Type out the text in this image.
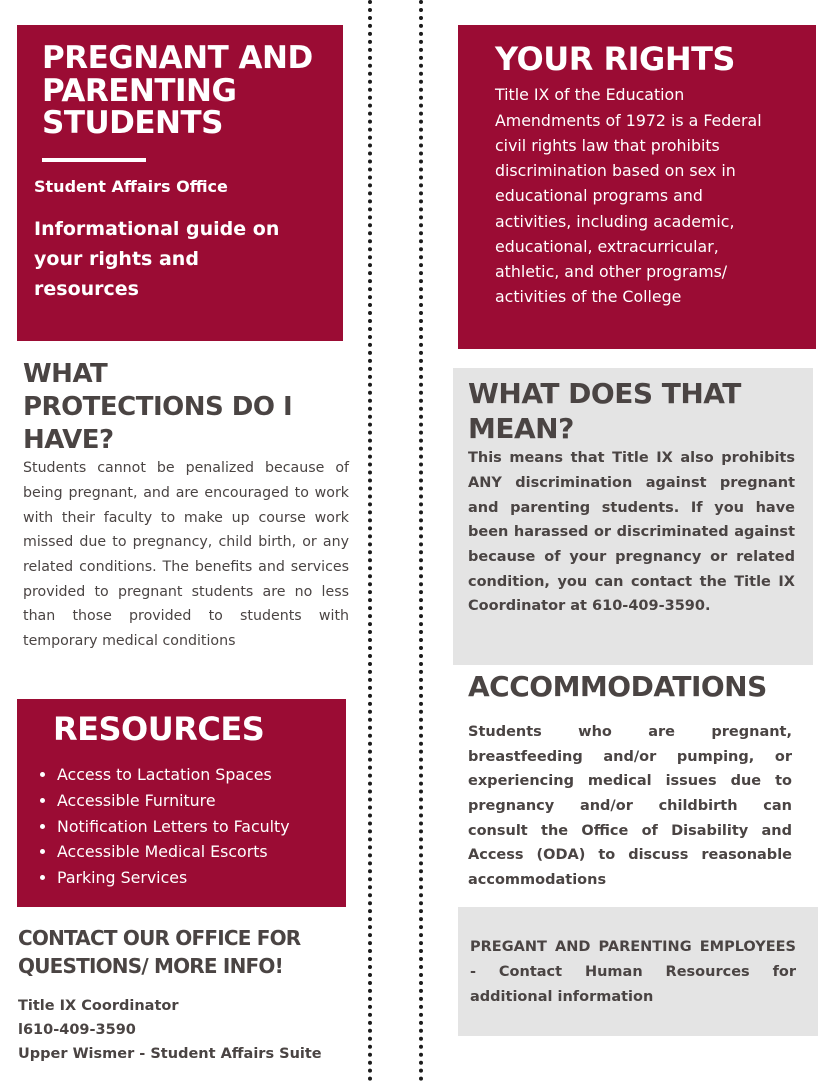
PREGNANT AND PARENTING STUDENTS

Student Affairs Office

Informational guide on your rights and resources

WHAT PROTECTIONS DO I HAVE?

Students cannot be penalized because of being pregnant, and are encouraged to work with their faculty to make up course work missed due to pregnancy, child birth, or any related conditions. The benefits and services provided to pregnant students are no less than those provided to students with temporary medical conditions

RESOURCES
• Access to Lactation Spaces
• Accessible Furniture
• Notification Letters to Faculty
• Accessible Medical Escorts
• Parking Services
CONTACT OUR OFFICE FOR QUESTIONS/ MORE INFO!

Title IX Coordinator

l610-409-3590

Upper Wismer - Student Affairs Suite

YOUR RIGHTS

Title IX of the Education Amendments of 1972 is a Federal civil rights law that prohibits discrimination based on sex in educational programs and activities, including academic, educational, extracurricular, athletic, and other programs/ activities of the College

WHAT DOES THAT MEAN?

This means that Title IX also prohibits ANY discrimination against pregnant and parenting students. If you have been harassed or discriminated against because of your pregnancy or related condition, you can contact the Title IX Coordinator at 610-409-3590.

ACCOMMODATIONS

Students who are pregnant, breastfeeding and/or pumping, or experiencing medical issues due to pregnancy and/or childbirth can consult the Office of Disability and Access (ODA) to discuss reasonable accommodations

PREGANT AND PARENTING EMPLOYEES - Contact Human Resources for additional information
